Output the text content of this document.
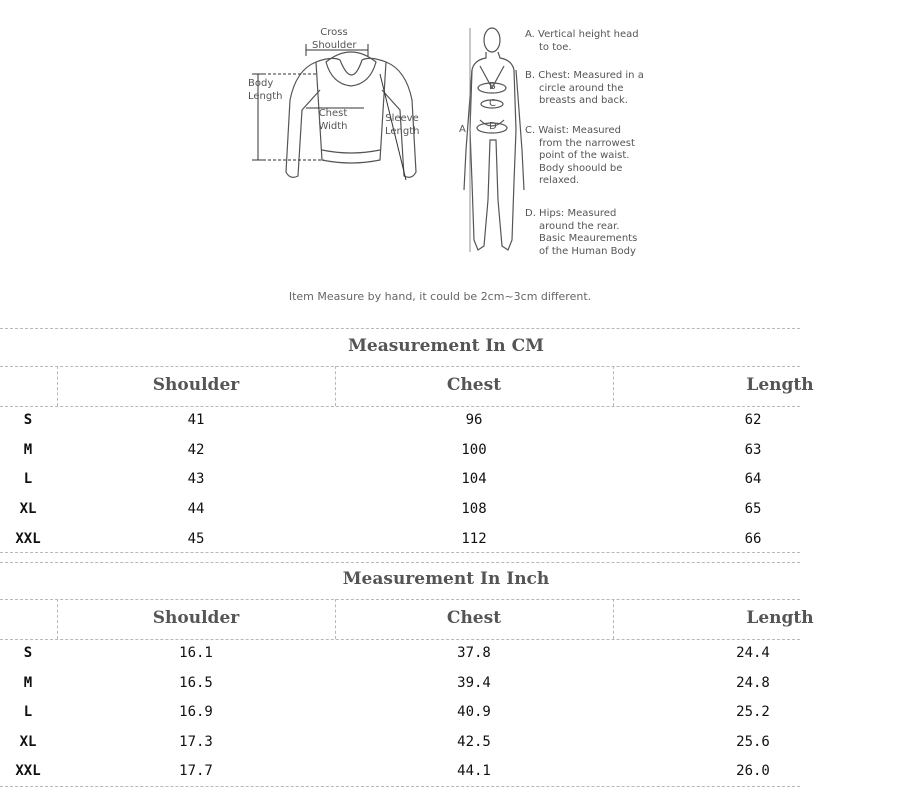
Cross
Shoulder
Body
Length
Chest
Width
Sleeve
Length	A
B
C
D
A. Vertical height head
to toe.
B. Chest: Measured in a
circle around the
breasts and back.
C. Waist: Measured
from the narrowest
point of the waist.
Body shoould be
relaxed.
D. Hips: Measured
around the rear.
Basic Meaurements
of the Human Body
Item Measure by hand, it could be 2cm~3cm different.
Measurement In CM
Shoulder	Chest	Length
S	41	96	62
M	42	100	63
L	43	104	64
XL	44	108	65
XXL	45	112	66
Measurement In Inch
Shoulder	Chest	Length
S	16.1	37.8	24.4
M	16.5	39.4	24.8
L	16.9	40.9	25.2
XL	17.3	42.5	25.6
XXL	17.7	44.1	26.0
